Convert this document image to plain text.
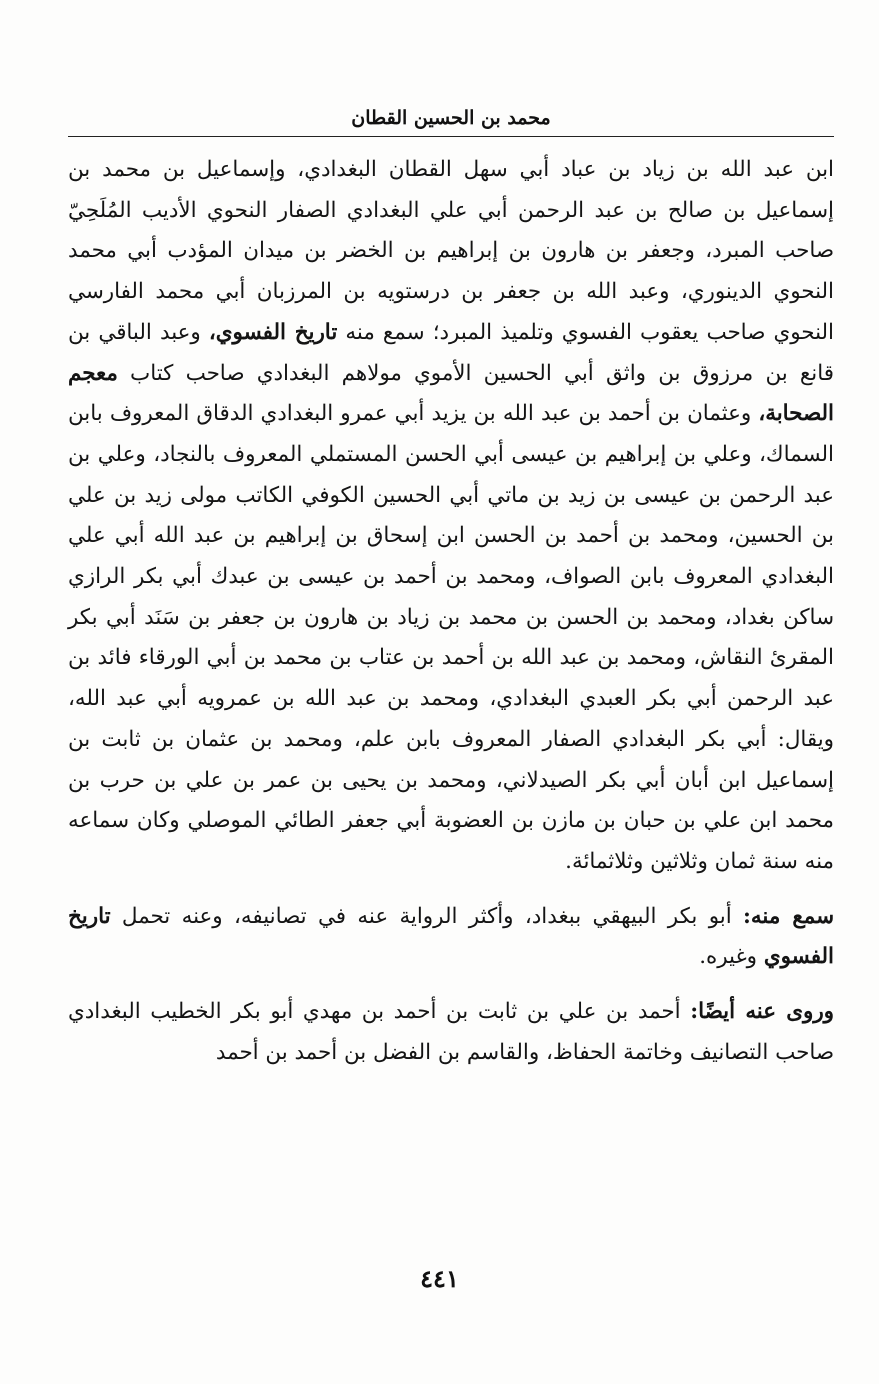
محمد بن الحسين القطان

ابن عبد الله بن زياد بن عباد أبي سهل القطان البغدادي، وإسماعيل بن محمد بن إسماعيل بن صالح بن عبد الرحمن أبي علي البغدادي الصفار النحوي الأديب المُلَحِيّ صاحب المبرد، وجعفر بن هارون بن إبراهيم بن الخضر بن ميدان المؤدب أبي محمد النحوي الدينوري، وعبد الله بن جعفر بن درستويه بن المرزبان أبي محمد الفارسي النحوي صاحب يعقوب الفسوي وتلميذ المبرد؛ سمع منه تاريخ الفسوي، وعبد الباقي بن قانع بن مرزوق بن واثق أبي الحسين الأموي مولاهم البغدادي صاحب كتاب معجم الصحابة، وعثمان بن أحمد بن عبد الله بن يزيد أبي عمرو البغدادي الدقاق المعروف بابن السماك، وعلي بن إبراهيم بن عيسى أبي الحسن المستملي المعروف بالنجاد، وعلي بن عبد الرحمن بن عيسى بن زيد بن ماتي أبي الحسين الكوفي الكاتب مولى زيد بن علي بن الحسين، ومحمد بن أحمد بن الحسن ابن إسحاق بن إبراهيم بن عبد الله أبي علي البغدادي المعروف بابن الصواف، ومحمد بن أحمد بن عيسى بن عبدك أبي بكر الرازي ساكن بغداد، ومحمد بن الحسن بن محمد بن زياد بن هارون بن جعفر بن سَنَد أبي بكر المقرئ النقاش، ومحمد بن عبد الله بن أحمد بن عتاب بن محمد بن أبي الورقاء فائد بن عبد الرحمن أبي بكر العبدي البغدادي، ومحمد بن عبد الله بن عمرويه أبي عبد الله، ويقال: أبي بكر البغدادي الصفار المعروف بابن علم، ومحمد بن عثمان بن ثابت بن إسماعيل ابن أبان أبي بكر الصيدلاني، ومحمد بن يحيى بن عمر بن علي بن حرب بن محمد ابن علي بن حبان بن مازن بن العضوبة أبي جعفر الطائي الموصلي وكان سماعه منه سنة ثمان وثلاثين وثلاثمائة.

سمع منه: أبو بكر البيهقي ببغداد، وأكثر الرواية عنه في تصانيفه، وعنه تحمل تاريخ الفسوي وغيره.

وروى عنه أيضًا: أحمد بن علي بن ثابت بن أحمد بن مهدي أبو بكر الخطيب البغدادي صاحب التصانيف وخاتمة الحفاظ، والقاسم بن الفضل بن أحمد بن أحمد

٤٤١
